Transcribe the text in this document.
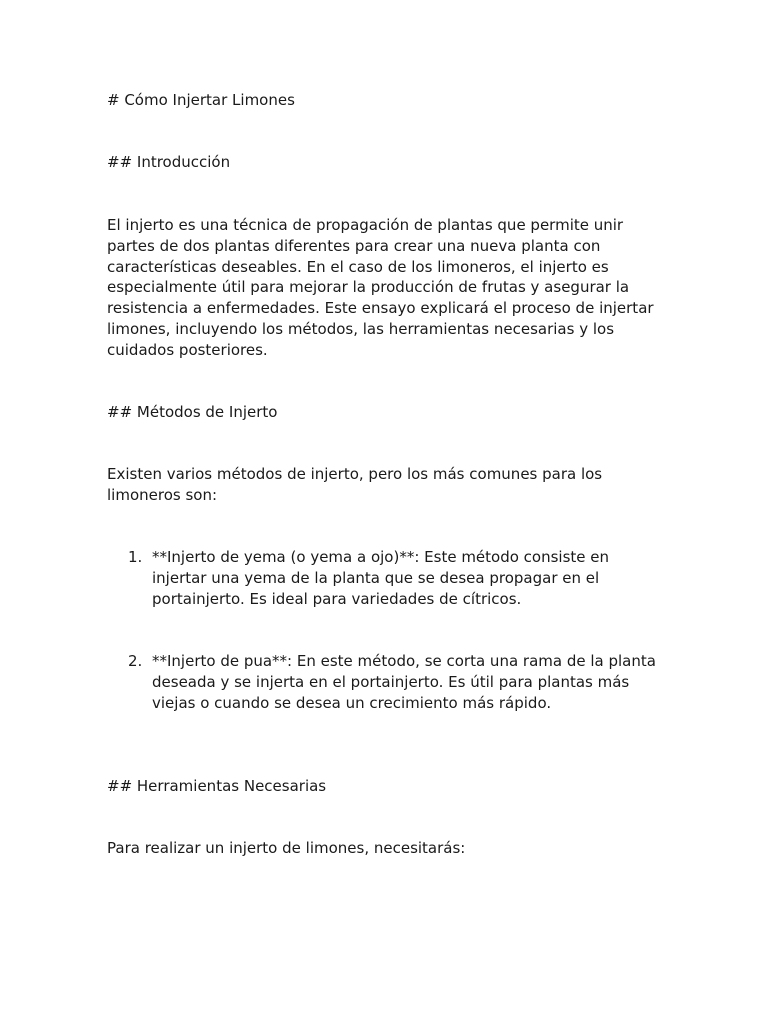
# Cómo Injertar Limones

## Introducción

El injerto es una técnica de propagación de plantas que permite unir partes de dos plantas diferentes para crear una nueva planta con características deseables. En el caso de los limoneros, el injerto es especialmente útil para mejorar la producción de frutas y asegurar la resistencia a enfermedades. Este ensayo explicará el proceso de injertar limones, incluyendo los métodos, las herramientas necesarias y los cuidados posteriores.

## Métodos de Injerto

Existen varios métodos de injerto, pero los más comunes para los limoneros son:

1. **Injerto de yema (o yema a ojo)**: Este método consiste en injertar una yema de la planta que se desea propagar en el portainjerto. Es ideal para variedades de cítricos.
2. **Injerto de pua**: En este método, se corta una rama de la planta deseada y se injerta en el portainjerto. Es útil para plantas más viejas o cuando se desea un crecimiento más rápido.

## Herramientas Necesarias

Para realizar un injerto de limones, necesitarás:
